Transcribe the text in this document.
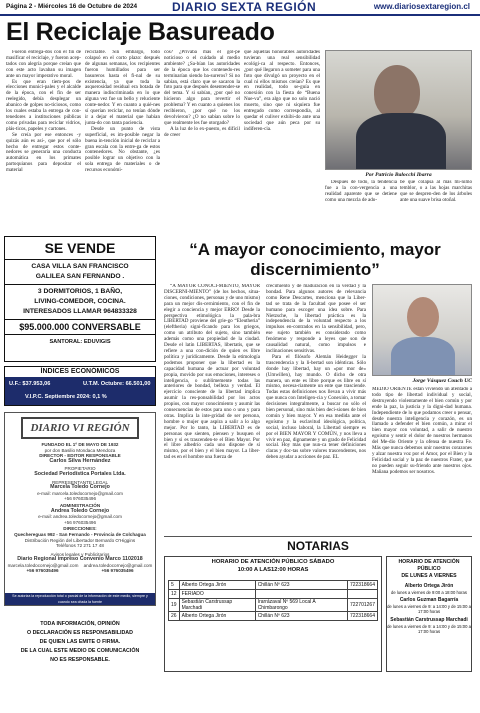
Página 2 - Miércoles 16 de Octubre de 2024	DIARIO SEXTA REGIÓN	www.diariosextaregion.cl
El Reciclaje Basureado

Fueron entrega-dos con el fin de masificar el reciclaje, y fueron acep-tados con alegría porque creían que con este acto lavaban su imagen ante un mayor imperativo moral.

Es que eran tiem-pos de elecciones munici-pales y el alcalde de la época, con el fin de ser reelegido, debía desplegar un abanico de golpes no-ticiosos, como los cuales estaba la entrega de con-tenedores a instituciones públicas como privadas para reciclar vidrios, plás-ticos, papeles y cartones.

Se creía por ese entonces -y quizás aún es así-, que por el sólo hecho de entregar estos conte-nedores se generaría una conducta automática en los primates partoquianos para depositar el material

reciclable. Sin embargo, todo colapsó en el corto plazo: después de algunas semanas, los recipientes fueron humillados para ser basureros hasta el fi-nal de su existencia, ya que toda la asquerosidad residual era botada de manera indiscriminada en lo que alguna vez fue un bello y reluciente conte-nedor. Y en cuanto a quié-nes sí querían reciclar, no tenían dónde ir a dejar el material que habían junta-do con tanta paciencia.

Desde un punto de vista superficial, es im-posible negar la buena in-tención inicial de reciclar a gran escala con la entre-ga de estos contenedores. No obstante, ¿es posible lograr un objetivo con la sola entrega de materiales o de recursos económi-

cos? ¿Privaba más el gol-pe noticioso o el cuidado al medio ambiente? ¿Sa-bían las autoridades de la época que los contenedo-res terminarían siendo ba-sureros? Si no sabían, está claro que se sacaron la foto para que después desentender-se del tema. Y si sabían, ¿por qué no hicieron algo para revertir el problema? Y en cuanto a quienes los recibieron, ¿por qué no los devolvieron? ¿O no sabían sobre lo que realmente les fue otorgado?

A la luz de lo ex-puesto, es difícil de creer

que aquellas honorables autoridades tuvieran una real sensibilidad ecológi-ca al respecto. Entonces, ¿por qué llegaron a someter para una foto que divulgó un proyecto en el cual ni ellos mismos creían? Es que en realidad, todo se-guía en conexión con la fiesta de “Buena Nue-va”, era algo que no solo nació muerto, sino que ni siquiera fue entregado como correspondía, al quedar el culiver exhibi-do ante una sociedad que aún peca por su indiferen-cia.

Por Patricio Balocchi Ibarra

Después de todo, la tendencia fue a la con-vergencia a una realidad aparente que se detiene como una mezcla de ado-

be que colapsa al más mí-nimo temblor, o a las hojas marchitas que se despren-den de los árboles ante una suave brisa otoñal.

SE VENDE
CASA VILLA SAN FRANCISCO
GALILEA SAN FERNANDO .
3 DORMITORIOS, 1 BAÑO,
LIVING-COMEDOR, COCINA.
INTERESADOS LLAMAR 964833328
$95.000.000 CONVERSABLE
SANTORAL: EDUVIGIS
ÍNDICES ECONÓMICOS
U.F.: $37.953,06	U.T.M. Octubre: 66.501,00
V.I.P.C. Septiembre 2024: 0,1 %
DIARIO VI REGIÓN
FUNDADO EL 1º DE MAYO DE 1932
por don Basilio Mondaca Mendoza
DIRECTOR - EDITOR RESPONSABLE
Carlos Silva Hernández
PROPIETARIO
Sociedad Periodística Portales Ltda.
REPRESENTANTE LEGAL
Marcela Toledo Cornejo
e-mail: marcela.toledocornejo@gmail.com
+56 976035496
ADMINISTRACIÓN
Andrea Toledo Cornejo
e-mail: andrea.toledocornejo@gmail.com
+56 976035496
DIRECCIONES:
Quechereguas 992 - San Fernando - Provincia de Colchagua
Distribución Región del Libertador Bernardo O'Higgins
Teléfonos 72 271 17 48
Avisos legales y Publicitarios
Diario Regional impreso Convenio Marco 1102018
marcela.toledocornejo@gmail.com andrea.toledocornejo@gmail.com
+56 976035496	+56 976035496
Se autoriza la reproducción total o parcial de la información de este medio, siempre y cuando sea citada la fuente
TODA INFORMACIÓN, OPINIÓN
O DECLARACIÓN ES RESPONSABILIDAD
DE QUIEN LAS EMITE O FIRMA.
DE LA CUAL ESTE MEDIO DE COMUNICACIÓN
NO ES RESPONSABLE.
“A mayor conocimiento, mayor discernimiento”

“A MAYOR CONOCI-MIENTO, MAYOR DISCERNI-MIENTO” (de los hechos, situa-ciones, condiciones, personas y de uno mismo) para un mejor dis-cernimiento, con el fin de elegir a conciencia y mejor ERRO! Desde la perspectiva etimológica la pala-bra LIBERTAD proviene del grie-go “Eleutheria” (eleftheria) signi-ficando para los griegos, como un atributo del sujeto, sino también además como una propiedad de la ciudad. Desde el latín LIBERTAS, libertatis, que se refiere a una con-dición de quien es libre política y jurídicamente. Desde la etimología podemos proponer que la libertad es la capacidad humana de actuar por voluntad propia, movido por sus emociones, intereses o inteligencia, o sublimemente todas las anteriores de bondad, belleza y verdad. El ejercicio consciente de la libertad implica asumir la res-ponsabilidad por los actos propios, con mayor conocimiento y asumir las consecuencias de estos para uno o uno y para otras. Implica la inte-gridad de ser persona, hombre o mujer que aspira a salir a lo algo mejor. Por lo tanto, la LIBERTAD es de personas que sienten, piensen y busquen el bien y si es trascenden-te el Bien Mayor. Por el libre albedrío cada uno dispone de sí mismo, por el bien y el bien mayor. La liber-tad es en el hombre una fuerza de

crecimiento y de maduración en la verdad y la bondad. Para algunos autores de relevancia como Rene Descartes, menciona que la Liber-tad se trata de la facultad que posee el ser humano para escoger una idea sobre. Para Nietzsche, la libertad práctica es la independencia de la voluntad respecto a los impulsos en-contrados en la sensibilidad, pero, ese sujeto también es considerado como fenómeno y responde a leyes que son de causalidad natural, como impulsos e inclinaciones sensitivas.

Para el filósofo Alemán Heidegger la trascendencia y la li-bertad son idénticas. Sólo donde hay libertad, hay un «por mor de» (Umwillen), hay mundo. O dicho de otra manera, un ente es libre porque es libre en sí mismo, necesa-riamente un ente que trasciende. Todas estas definiciones nos llevan a vivir más que nunca con Inteligen-cia y Conexión, a tomar decisiones integralmente, a buscar no sólo el bien personal, sino más bien deci-siones de bien común y bien mayor. Y en esa medida ante el egoísmo y la esclavitud ideológica, política, social, incluso laboral, la Libertad siempre es por el BIEN MAYOR Y COMÚN, y nos lleva a vivir en paz, dignamente y un grado de Felicidad social. Hoy más que nun-ca tener definiciones claras y doc-tas sobre valores trascendentes, nos deben ayudar a acciones de paz. EL

Jorge Vásquez Couch UC

MEDIO ORIENTE están viviendo un atentado a todo tipo de libertad individual y social, destruyendo violentamente el bien común y por ende la paz, la justicia y la digni-dad humana. Independiente de lo que podamos creer o pensar, desde nuestra inteligencia y corazón, es un llamado a defender el bien común, a mirar el bien mayor con voluntad, a salir de nuestro egoísmo y sentir el dolor de nuestros hermanos del Me-dio Oriente y la ofensa de nuestra Fe. Más que nunca debemos unir nuestros corazones y alzar nuestra voz por el Amor, por el Bien y la Felicidad social y la paz de nuestros Frater, que no pueden seguir su-friendo ante nuestros ojos. Mañana podemos ser nosotros.

NOTARIAS
HORARIO DE ATENCIÓN PÚBLICO SÁBADO
10:00 A LAS12:00 HORAS
5	Alberto Ortega Jirón	Chillán Nº 623	722318664
12	FERIADO		
19	Sebastián Carstrussap Marchadi	Irarrázaval Nº 569 Local A Chimbarongo	722701267
26	Alberto Ortega Jirón	Chillán Nº 623	722318664
HORARIO DE ATENCIÓN PÚBLICO
DE LUNES A VIERNES
Alberto Ortega Jirón
de lunes a viernes de 9:00 a 18:00 horas
Carlos Guzman Bagarría
de lunes a viernes de 9: a 14:00 y de 15:00 a 17:00 horas
Sebastián Carstrussap Marchadi
de lunes a viernes de 9: a 14:00 y de 15:00 a 17:00 horas
